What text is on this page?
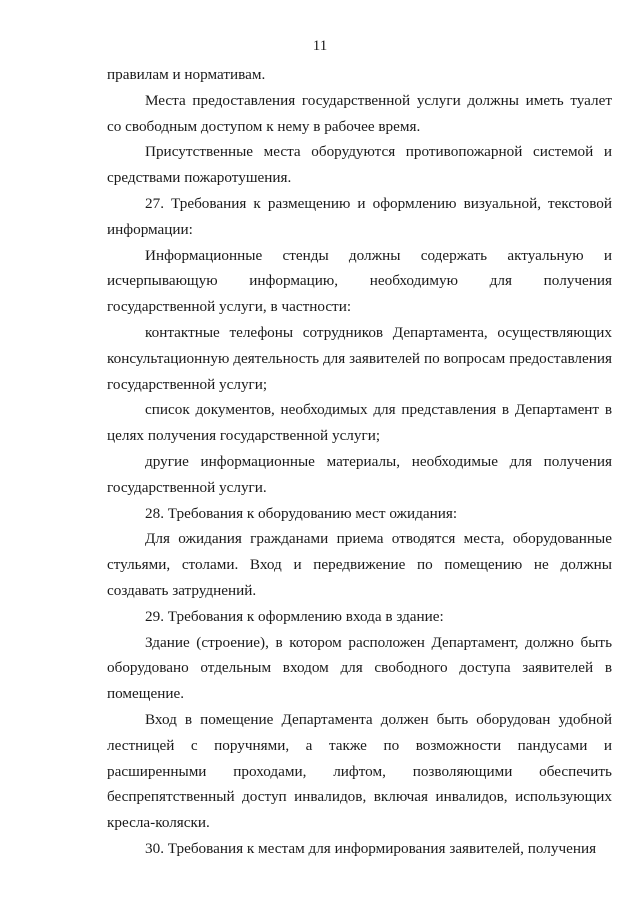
11

правилам и нормативам.

Места предоставления государственной услуги должны иметь туалет со свободным доступом к нему в рабочее время.

Присутственные места оборудуются противопожарной системой и средствами пожаротушения.

27. Требования к размещению и оформлению визуальной, текстовой информации:

Информационные стенды должны содержать актуальную и исчерпывающую информацию, необходимую для получения государственной услуги, в частности:

контактные телефоны сотрудников Департамента, осуществляющих консультационную деятельность для заявителей по вопросам предоставления государственной услуги;

список документов, необходимых для представления в Департамент в целях получения государственной услуги;

другие информационные материалы, необходимые для получения государственной услуги.

28. Требования к оборудованию мест ожидания:

Для ожидания гражданами приема отводятся места, оборудованные стульями, столами. Вход и передвижение по помещению не должны создавать затруднений.

29. Требования к оформлению входа в здание:

Здание (строение), в котором расположен Департамент, должно быть оборудовано отдельным входом для свободного доступа заявителей в помещение.

Вход в помещение Департамента должен быть оборудован удобной лестницей с поручнями, а также по возможности пандусами и расширенными проходами, лифтом, позволяющими обеспечить беспрепятственный доступ инвалидов, включая инвалидов, использующих кресла-коляски.

30. Требования к местам для информирования заявителей, получения
